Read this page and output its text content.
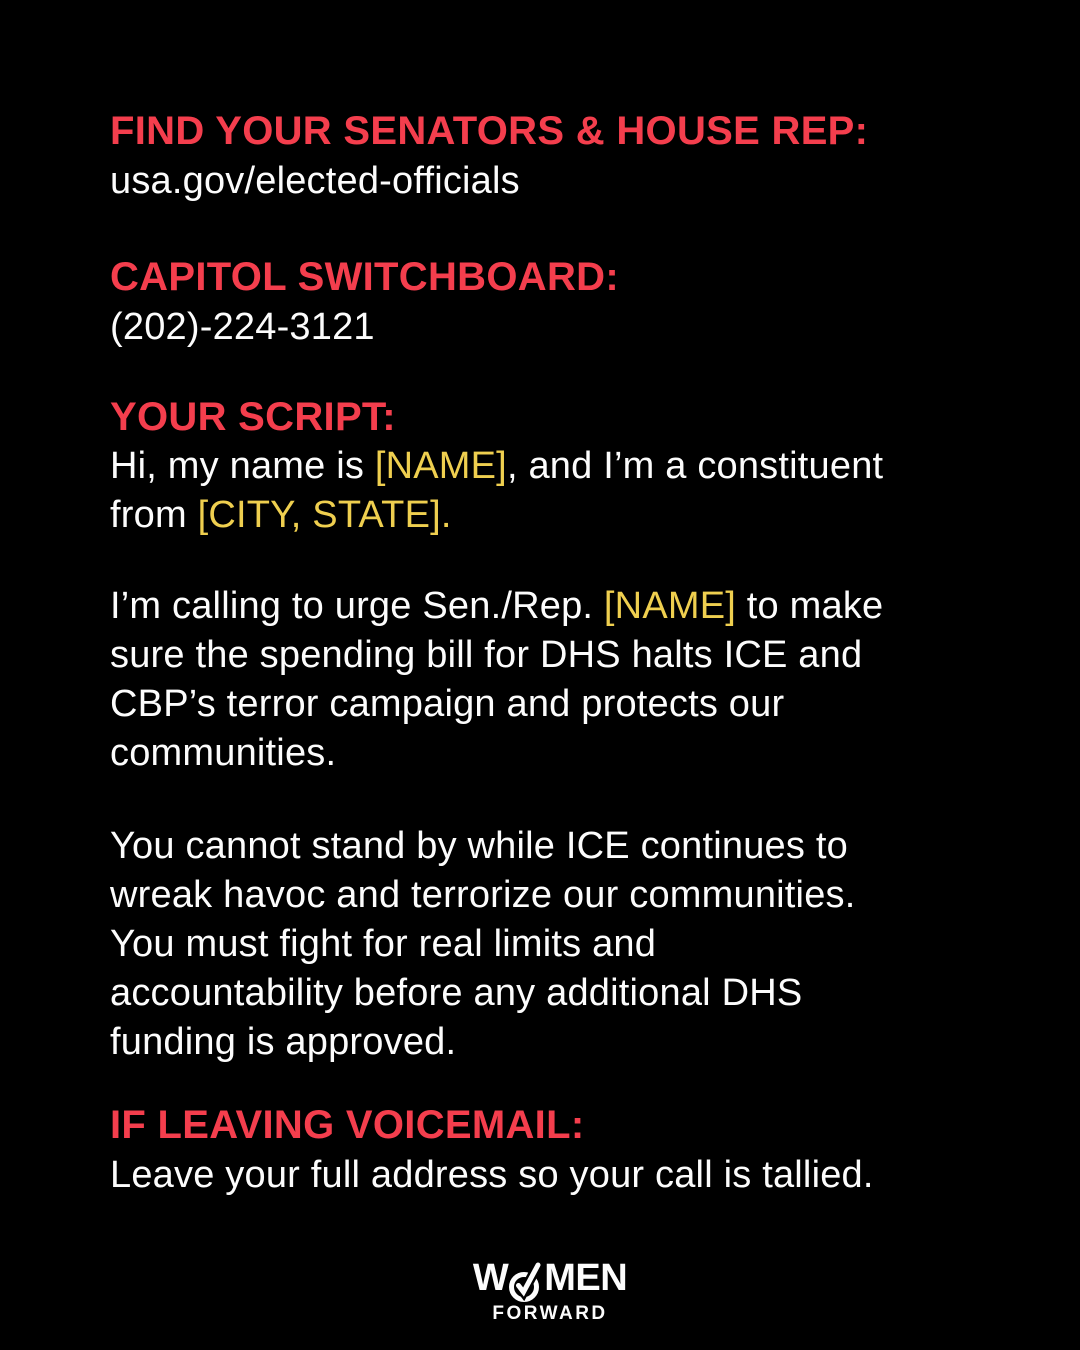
FIND YOUR SENATORS & HOUSE REP:
usa.gov/elected-officials
CAPITOL SWITCHBOARD:
(202)-224-3121
YOUR SCRIPT:
Hi, my name is [NAME], and I’m a constituent
from [CITY, STATE].
I’m calling to urge Sen./Rep. [NAME] to make
sure the spending bill for DHS halts ICE and
CBP’s terror campaign and protects our
communities.
You cannot stand by while ICE continues to
wreak havoc and terrorize our communities.
You must fight for real limits and
accountability before any additional DHS
funding is approved.
IF LEAVING VOICEMAIL:
Leave your full address so your call is tallied.
W MEN
FORWARD
